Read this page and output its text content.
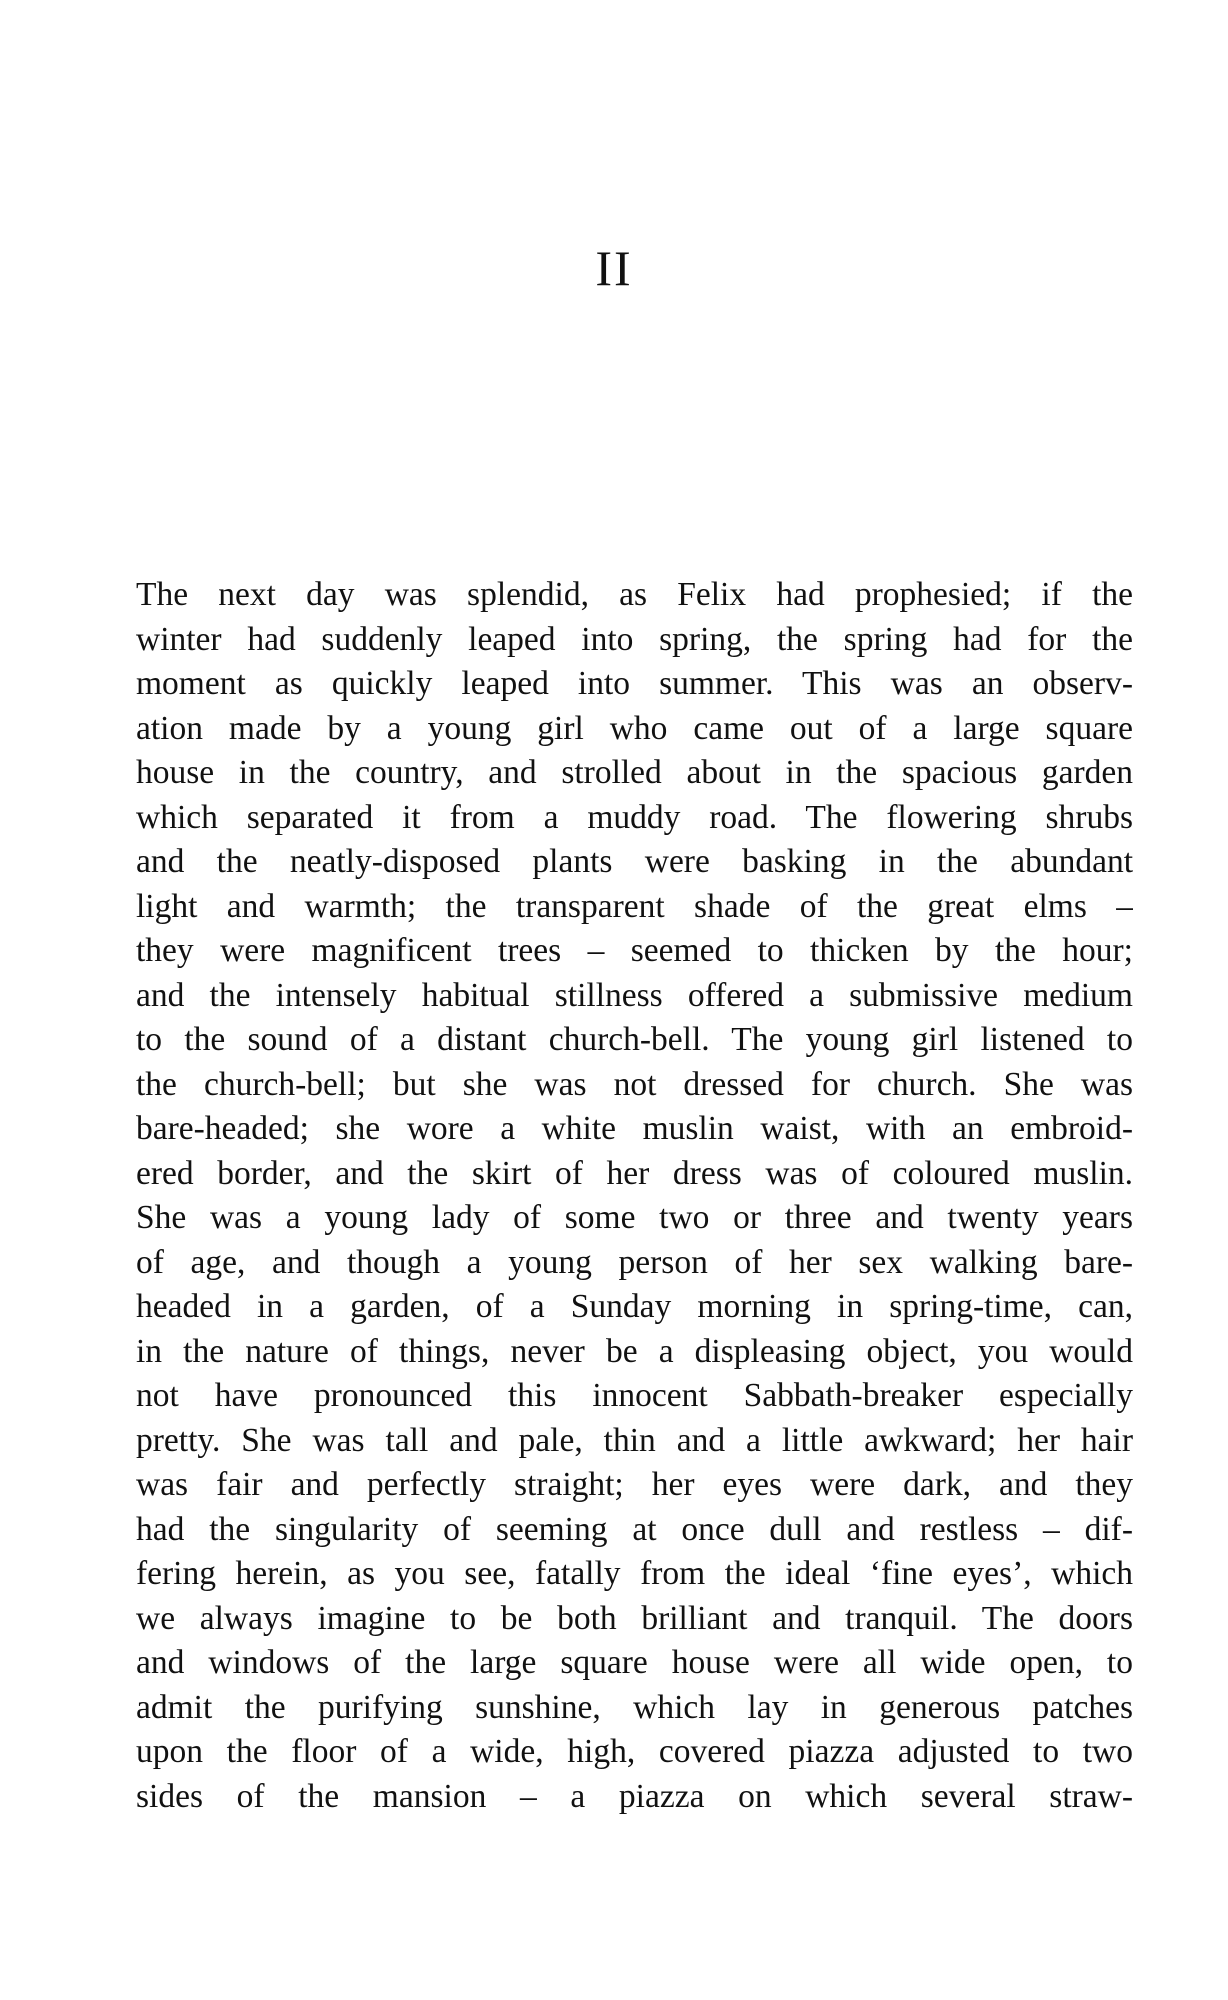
II
The next day was splendid, as Felix had prophesied; if the
winter had suddenly leaped into spring, the spring had for the
moment as quickly leaped into summer. This was an observ-
ation made by a young girl who came out of a large square
house in the country, and strolled about in the spacious garden
which separated it from a muddy road. The flowering shrubs
and the neatly-disposed plants were basking in the abundant
light and warmth; the transparent shade of the great elms –
they were magnificent trees – seemed to thicken by the hour;
and the intensely habitual stillness offered a submissive medium
to the sound of a distant church-bell. The young girl listened to
the church-bell; but she was not dressed for church. She was
bare-headed; she wore a white muslin waist, with an embroid-
ered border, and the skirt of her dress was of coloured muslin.
She was a young lady of some two or three and twenty years
of age, and though a young person of her sex walking bare-
headed in a garden, of a Sunday morning in spring-time, can,
in the nature of things, never be a displeasing object, you would
not have pronounced this innocent Sabbath-breaker especially
pretty. She was tall and pale, thin and a little awkward; her hair
was fair and perfectly straight; her eyes were dark, and they
had the singularity of seeming at once dull and restless – dif-
fering herein, as you see, fatally from the ideal ‘fine eyes’, which
we always imagine to be both brilliant and tranquil. The doors
and windows of the large square house were all wide open, to
admit the purifying sunshine, which lay in generous patches
upon the floor of a wide, high, covered piazza adjusted to two
sides of the mansion – a piazza on which several straw-
